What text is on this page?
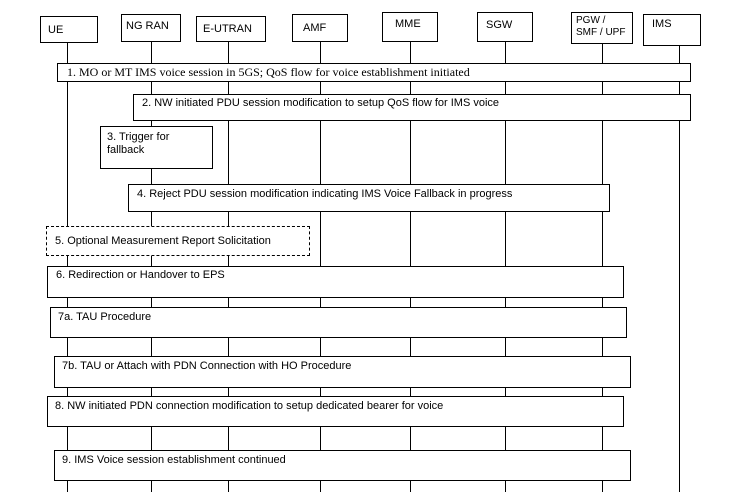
UE	NG RAN	E-UTRAN	AMF	MME	SGW	PGW /
SMF / UPF
IMS
1. MO or MT IMS voice session in 5GS; QoS flow for voice establishment initiated
2. NW initiated PDU session modification to setup QoS flow for IMS voice
3. Trigger for fallback
4. Reject PDU session modification indicating IMS Voice Fallback in progress
5. Optional Measurement Report Solicitation
6. Redirection or Handover to EPS
7a. TAU Procedure
7b. TAU or Attach with PDN Connection with HO Procedure
8. NW initiated PDN connection modification to setup dedicated bearer for voice
9. IMS Voice session establishment continued
